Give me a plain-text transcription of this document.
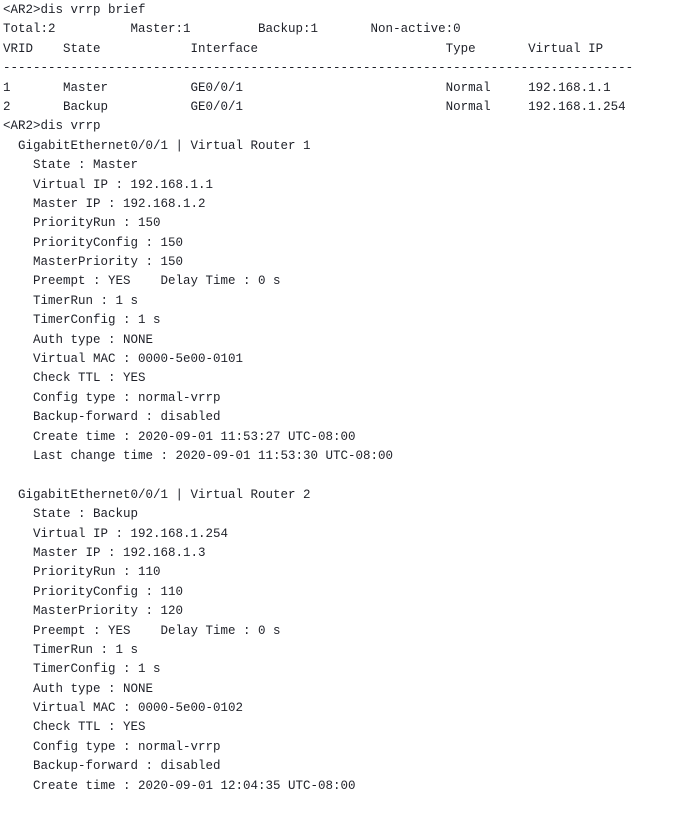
<AR2>dis vrrp brief
Total:2          Master:1         Backup:1       Non-active:0
VRID    State            Interface                         Type       Virtual IP
------------------------------------------------------------------------------------
1       Master           GE0/0/1                           Normal     192.168.1.1
2       Backup           GE0/0/1                           Normal     192.168.1.254
<AR2>dis vrrp
GigabitEthernet0/0/1 | Virtual Router 1
State : Master
Virtual IP : 192.168.1.1
Master IP : 192.168.1.2
PriorityRun : 150
PriorityConfig : 150
MasterPriority : 150
Preempt : YES    Delay Time : 0 s
TimerRun : 1 s
TimerConfig : 1 s
Auth type : NONE
Virtual MAC : 0000-5e00-0101
Check TTL : YES
Config type : normal-vrrp
Backup-forward : disabled
Create time : 2020-09-01 11:53:27 UTC-08:00
Last change time : 2020-09-01 11:53:30 UTC-08:00

GigabitEthernet0/0/1 | Virtual Router 2
State : Backup
Virtual IP : 192.168.1.254
Master IP : 192.168.1.3
PriorityRun : 110
PriorityConfig : 110
MasterPriority : 120
Preempt : YES    Delay Time : 0 s
TimerRun : 1 s
TimerConfig : 1 s
Auth type : NONE
Virtual MAC : 0000-5e00-0102
Check TTL : YES
Config type : normal-vrrp
Backup-forward : disabled
Create time : 2020-09-01 12:04:35 UTC-08:00
